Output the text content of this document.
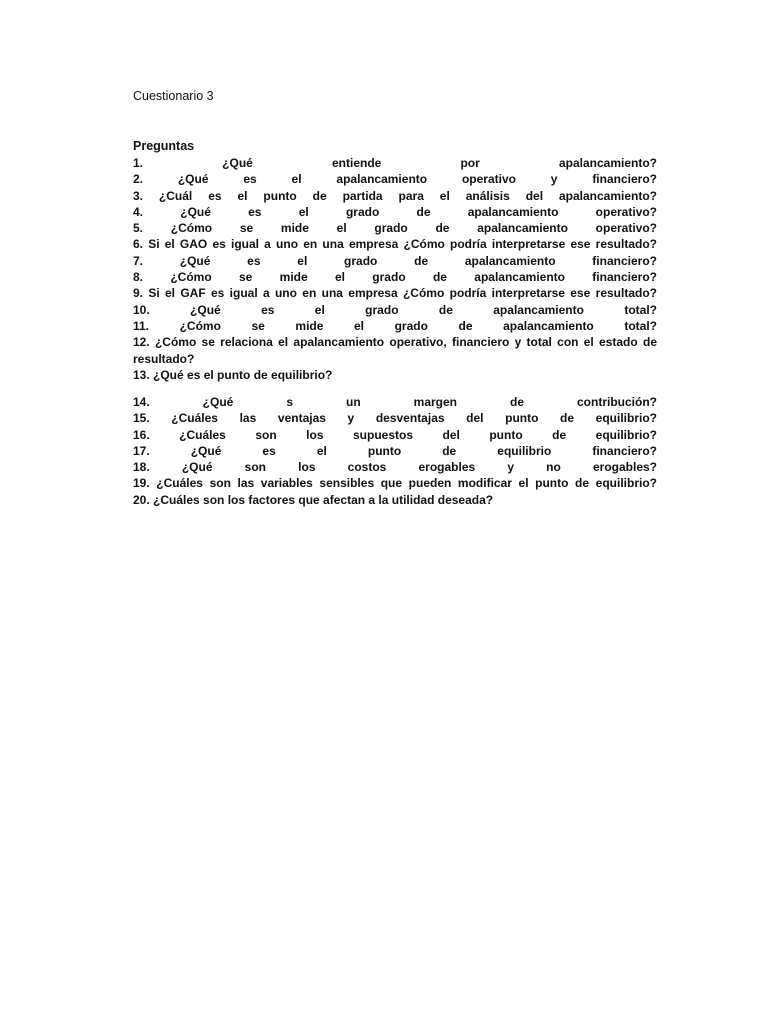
Cuestionario 3
Preguntas
1. ¿Qué entiende por apalancamiento?
2. ¿Qué es el apalancamiento operativo y financiero?
3. ¿Cuál es el punto de partida para el análisis del apalancamiento?
4. ¿Qué es el grado de apalancamiento operativo?
5. ¿Cómo se mide el grado de apalancamiento operativo?
6. Si el GAO es igual a uno en una empresa ¿Cómo podría interpretarse ese resultado?
7. ¿Qué es el grado de apalancamiento financiero?
8. ¿Cómo se mide el grado de apalancamiento financiero?
9. Si el GAF es igual a uno en una empresa ¿Cómo podría interpretarse ese resultado?
10. ¿Qué es el grado de apalancamiento total?
11. ¿Cómo se mide el grado de apalancamiento total?
12. ¿Cómo se relaciona el apalancamiento operativo, financiero y total con el estado de resultado?
13. ¿Qué es el punto de equilibrio?
14. ¿Qué s un margen de contribución?
15. ¿Cuáles las ventajas y desventajas del punto de equilibrio?
16. ¿Cuáles son los supuestos del punto de equilibrio?
17. ¿Qué es el punto de equilibrio financiero?
18. ¿Qué son los costos erogables y no erogables?
19. ¿Cuáles son las variables sensibles que pueden modificar el punto de equilibrio?
20. ¿Cuáles son los factores que afectan a la utilidad deseada?
